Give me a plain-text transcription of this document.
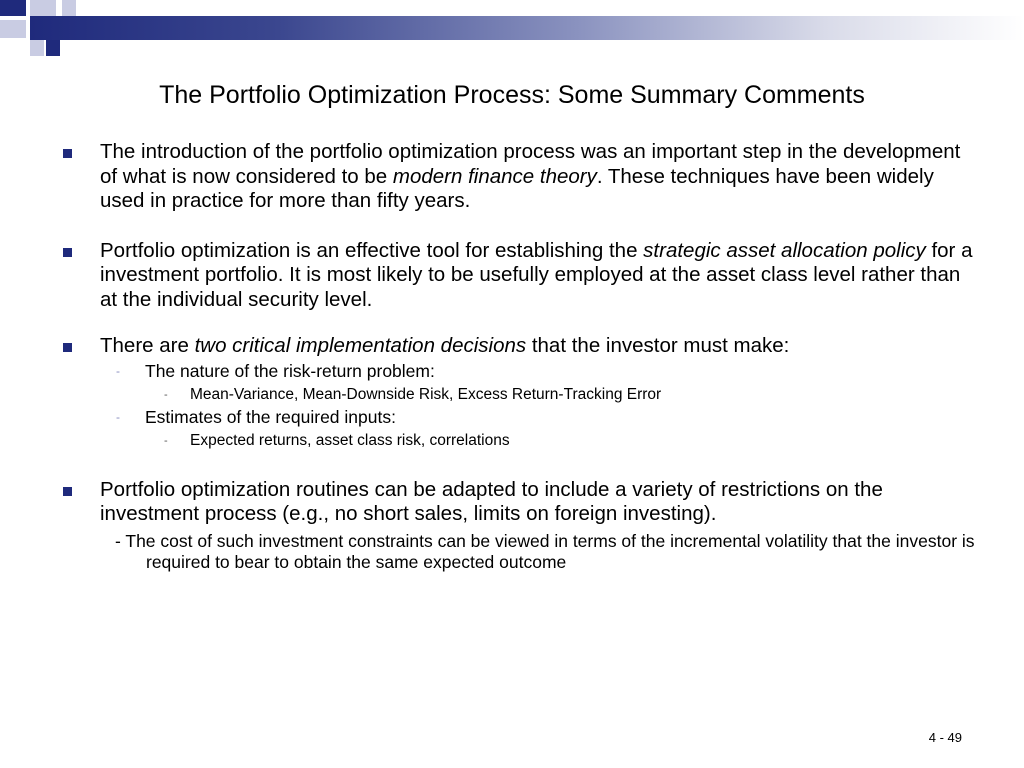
The Portfolio Optimization Process: Some Summary Comments
The introduction of the portfolio optimization process was an important step in the development of what is now considered to be modern finance theory. These techniques have been widely used in practice for more than fifty years.
Portfolio optimization is an effective tool for establishing the strategic asset allocation policy for a investment portfolio. It is most likely to be usefully employed at the asset class level rather than at the individual security level.
There are two critical implementation decisions that the investor must make:
- The nature of the risk-return problem:
- Mean-Variance, Mean-Downside Risk, Excess Return-Tracking Error
- Estimates of the required inputs:
- Expected returns, asset class risk, correlations
Portfolio optimization routines can be adapted to include a variety of restrictions on the investment process (e.g., no short sales, limits on foreign investing).
- The cost of such investment constraints can be viewed in terms of the incremental volatility that the investor is required to bear to obtain the same expected outcome
4 - 49
